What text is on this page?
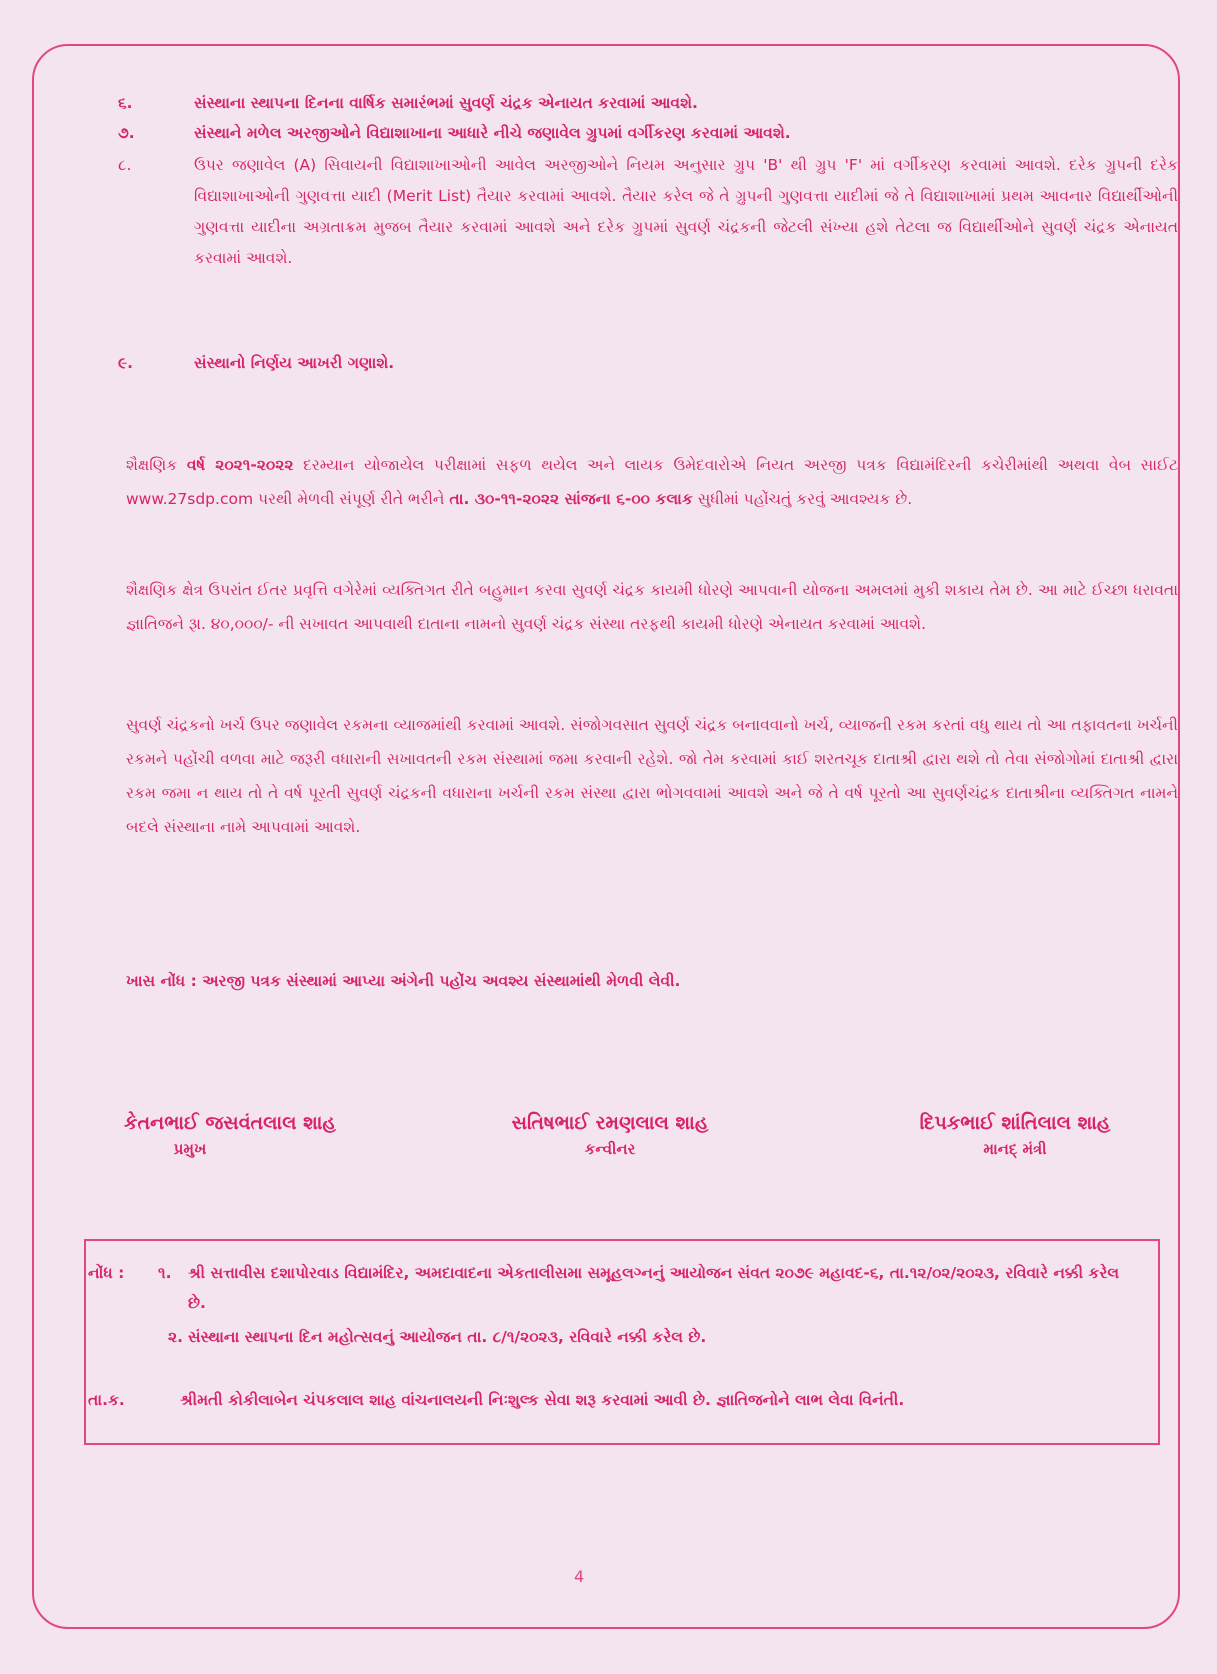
૬.	સંસ્થાના સ્થાપના દિનના વાર્ષિક સમારંભમાં સુવર્ણ ચંદ્રક એનાયત કરવામાં આવશે.
૭.	સંસ્થાને મળેલ અરજીઓને વિદ્યાશાખાના આધારે નીચે જણાવેલ ગ્રુપમાં વર્ગીકરણ કરવામાં આવશે.
૮.	ઉપર જણાવેલ (A) સિવાયની વિદ્યાશાખાઓની આવેલ અરજીઓને નિયમ અનુસાર ગ્રુપ 'B' થી ગ્રુપ 'F' માં વર્ગીકરણ કરવામાં આવશે. દરેક ગ્રુપની દરેક વિદ્યાશાખાઓની ગુણવત્તા યાદી (Merit List) તૈયાર કરવામાં આવશે. તૈયાર કરેલ જે તે ગ્રુપની ગુણવત્તા યાદીમાં જે તે વિદ્યાશાખામાં પ્રથમ આવનાર વિદ્યાર્થીઓની ગુણવત્તા યાદીના અગ્રતાક્રમ મુજબ તૈયાર કરવામાં આવશે અને દરેક ગ્રુપમાં સુવર્ણ ચંદ્રકની જેટલી સંખ્યા હશે તેટલા જ વિદ્યાર્થીઓને સુવર્ણ ચંદ્રક એનાયત કરવામાં આવશે.
૯.	સંસ્થાનો નિર્ણય આખરી ગણાશે.
શૈક્ષણિક વર્ષ ૨૦૨૧-૨૦૨૨ દરમ્યાન યોજાયેલ પરીક્ષામાં સફળ થયેલ અને લાયક ઉમેદવારોએ નિયત અરજી પત્રક વિદ્યામંદિરની કચેરીમાંથી અથવા વેબ સાઈટ www.27sdp.com પરથી મેળવી સંપૂર્ણ રીતે ભરીને તા. ૩૦-૧૧-૨૦૨૨ સાંજના ૬-૦૦ કલાક સુધીમાં પહોંચતું કરવું આવશ્યક છે.
શૈક્ષણિક ક્ષેત્ર ઉપરાંત ઈતર પ્રવૃત્તિ વગેરેમાં વ્યક્તિગત રીતે બહુમાન કરવા સુવર્ણ ચંદ્રક કાયમી ધોરણે આપવાની યોજના અમલમાં મુકી શકાય તેમ છે. આ માટે ઈચ્છા ધરાવતા જ્ઞાતિજને રૂા. ૪૦,૦૦૦/- ની સખાવત આપવાથી દાતાના નામનો સુવર્ણ ચંદ્રક સંસ્થા તરફથી કાયમી ધોરણે એનાયત કરવામાં આવશે.
સુવર્ણ ચંદ્રકનો ખર્ચ ઉપર જણાવેલ રકમના વ્યાજમાંથી કરવામાં આવશે. સંજોગવસાત સુવર્ણ ચંદ્રક બનાવવાનો ખર્ચ, વ્યાજની રકમ કરતાં વધુ થાય તો આ તફાવતના ખર્ચની રકમને પહોંચી વળવા માટે જરૂરી વધારાની સખાવતની રકમ સંસ્થામાં જમા કરવાની રહેશે. જો તેમ કરવામાં કાઈ શરતચૂક દાતાશ્રી દ્વારા થશે તો તેવા સંજોગોમાં દાતાશ્રી દ્વારા રકમ જમા ન થાય તો તે વર્ષ પૂરતી સુવર્ણ ચંદ્રકની વધારાના ખર્ચની રકમ સંસ્થા દ્વારા ભોગવવામાં આવશે અને જે તે વર્ષ પૂરતો આ સુવર્ણચંદ્રક દાતાશ્રીના વ્યક્તિગત નામને બદલે સંસ્થાના નામે આપવામાં આવશે.
ખાસ નોંધ : અરજી પત્રક સંસ્થામાં આપ્યા અંગેની પહોંચ અવશ્ય સંસ્થામાંથી મેળવી લેવી.
કેતનભાઈ જસવંતલાલ શાહ
પ્રમુખ
સતિષભાઈ રમણલાલ શાહ
કન્વીનર
દિપકભાઈ શાંતિલાલ શાહ
માનદ્ મંત્રી
નોંધ :	૧.	શ્રી સત્તાવીસ દશાપોરવાડ વિદ્યામંદિર, અમદાવાદના એકતાલીસમા સમૂહલગ્નનું આયોજન સંવત ૨૦૭૯ મહાવદ-૬, તા.૧૨/૦૨/૨૦૨૩, રવિવારે નક્કી કરેલ છે.
૨. સંસ્થાના સ્થાપના દિન મહોત્સવનું આયોજન તા. ૮/૧/૨૦૨૩, રવિવારે નક્કી કરેલ છે.
તા.ક.	શ્રીમતી કોકીલાબેન ચંપકલાલ શાહ વાંચનાલયની નિઃશુલ્ક સેવા શરૂ કરવામાં આવી છે. જ્ઞાતિજનોને લાભ લેવા વિનંતી.
4
